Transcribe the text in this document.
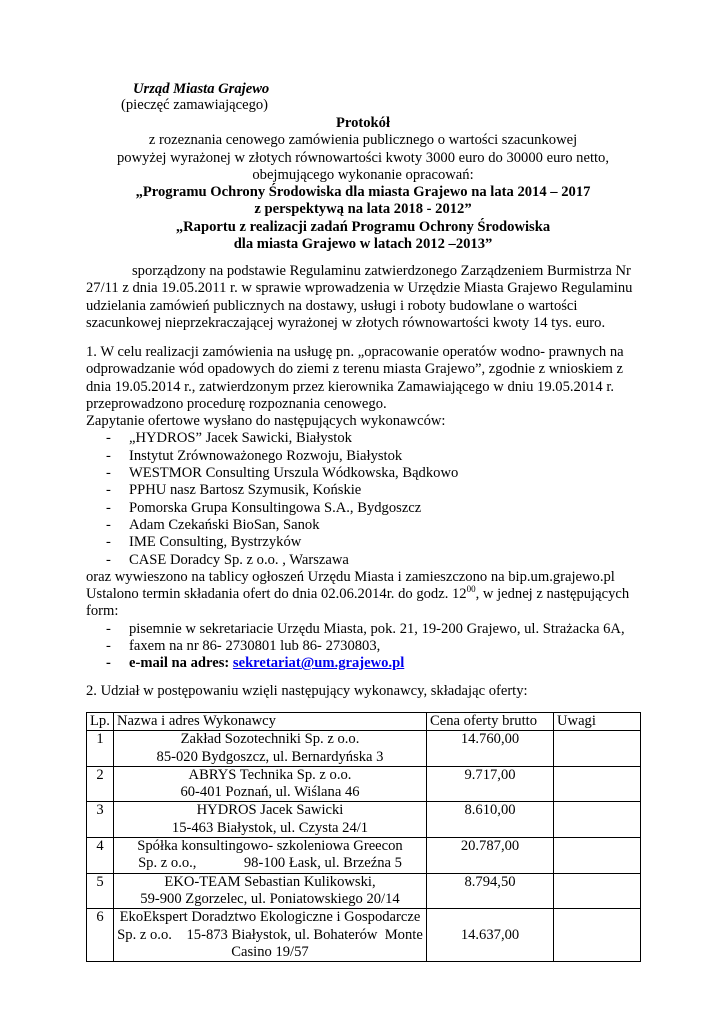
Urząd Miasta Grajewo
(pieczęć zamawiającego)
Protokół
z rozeznania cenowego zamówienia publicznego o wartości szacunkowej
powyżej wyrażonej w złotych równowartości kwoty 3000 euro do 30000 euro netto,
obejmującego wykonanie opracowań:
„Programu Ochrony Środowiska dla miasta Grajewo na lata 2014 – 2017
z perspektywą na lata 2018 - 2012”
„Raportu z realizacji zadań Programu Ochrony Środowiska
dla miasta Grajewo w latach 2012 –2013”
sporządzony na podstawie Regulaminu zatwierdzonego Zarządzeniem Burmistrza Nr
27/11 z dnia 19.05.2011 r. w sprawie wprowadzenia w Urzędzie Miasta Grajewo Regulaminu
udzielania zamówień publicznych na dostawy, usługi i roboty budowlane o wartości
szacunkowej nieprzekraczającej wyrażonej w złotych równowartości kwoty 14 tys. euro.
1. W celu realizacji zamówienia na usługę pn. „opracowanie operatów wodno- prawnych na
odprowadzanie wód opadowych do ziemi z terenu miasta Grajewo”, zgodnie z wnioskiem z
dnia 19.05.2014 r., zatwierdzonym przez kierownika Zamawiającego w dniu 19.05.2014 r.
przeprowadzono procedurę rozpoznania cenowego.
Zapytanie ofertowe wysłano do następujących wykonawców:
- „HYDROS” Jacek Sawicki, Białystok
- Instytut Zrównoważonego Rozwoju, Białystok
- WESTMOR Consulting Urszula Wódkowska, Bądkowo
- PPHU nasz Bartosz Szymusik, Końskie
- Pomorska Grupa Konsultingowa S.A., Bydgoszcz
- Adam Czekański BioSan, Sanok
- IME Consulting, Bystrzyków
- CASE Doradcy Sp. z o.o. , Warszawa
oraz wywieszono na tablicy ogłoszeń Urzędu Miasta i zamieszczono na bip.um.grajewo.pl
Ustalono termin składania ofert do dnia 02.06.2014r. do godz. $12^{00}$, w jednej z następujących
form:
- pisemnie w sekretariacie Urzędu Miasta, pok. 21, 19-200 Grajewo, ul. Strażacka 6A,
- faxem na nr 86- 2730801 lub 86- 2730803,
- e-mail na adres: sekretariat@um.grajewo.pl
2. Udział w postępowaniu wzięli następujący wykonawcy, składając oferty:
Lp.	Nazwa i adres Wykonawcy	Cena oferty brutto	Uwagi
1	Zakład Sozotechniki Sp. z o.o.
85-020 Bydgoszcz, ul. Bernardyńska 3	14.760,00	
2	ABRYS Technika Sp. z o.o.
60-401 Poznań, ul. Wiślana 46	9.717,00	
3	HYDROS Jacek Sawicki
15-463 Białystok, ul. Czysta 24/1	8.610,00	
4	Spółka konsultingowo- szkoleniowa Greecon
Sp. z o.o.,             98-100 Łask, ul. Brzeźna 5	20.787,00	
5	EKO-TEAM Sebastian Kulikowski,
59-900 Zgorzelec, ul. Poniatowskiego 20/14	8.794,50	
6	EkoEkspert Doradztwo Ekologiczne i Gospodarcze
Sp. z o.o.    15-873 Białystok, ul. Bohaterów  Monte
Casino 19/57	14.637,00	
